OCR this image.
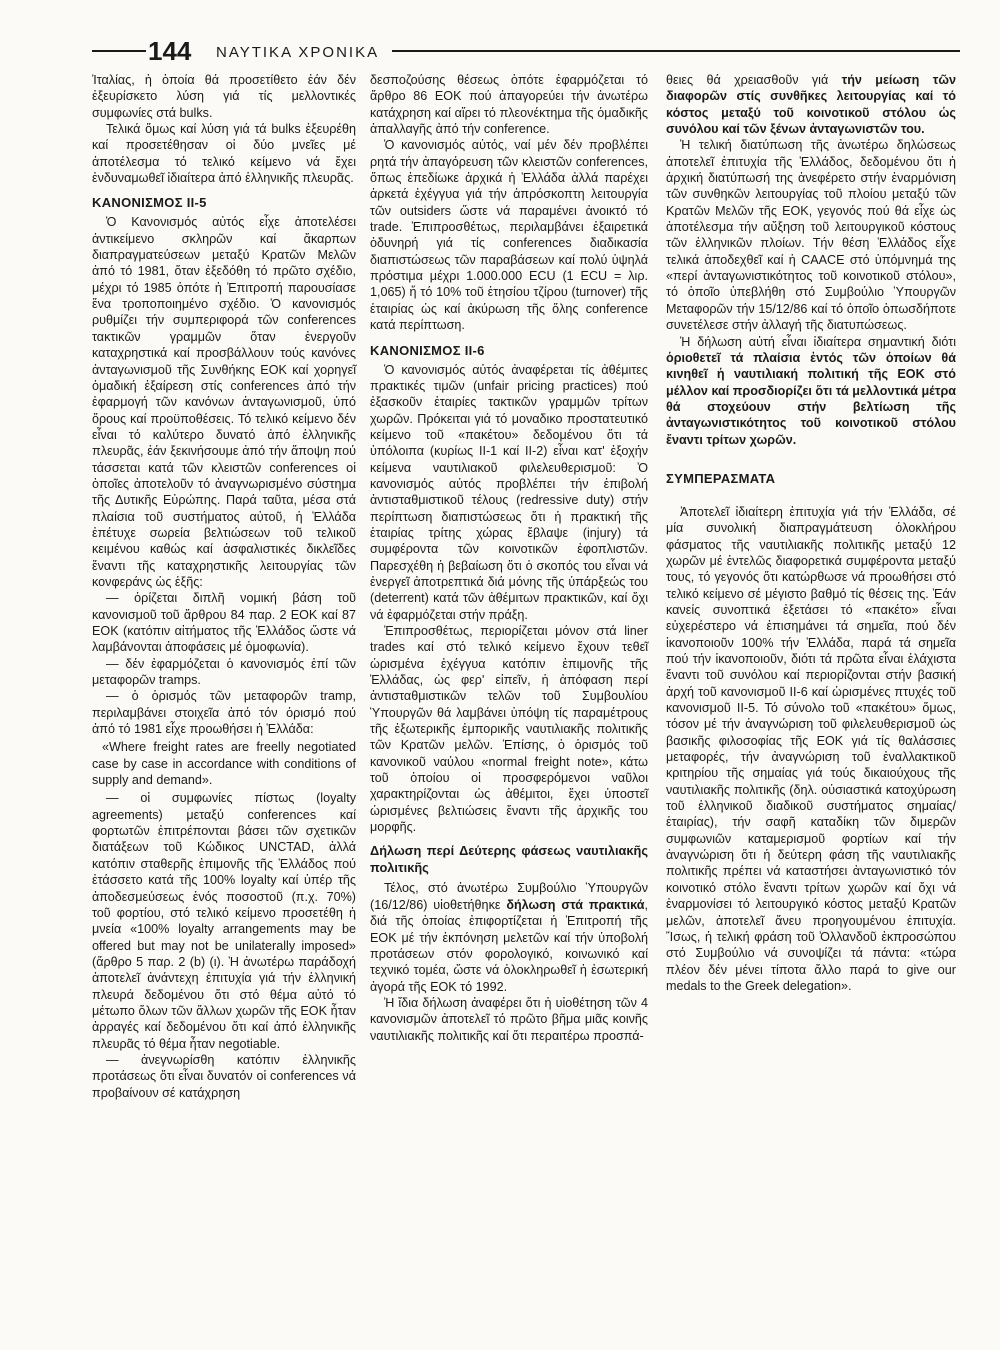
144 ΝΑΥΤΙΚΑ ΧΡΟΝΙΚΑ

Ἰταλίας, ἡ ὁποία θά προσετίθετο ἐάν δέν ἐξευρίσκετο λύση γιά τίς μελλοντικές συμφωνίες στά bulks.

Τελικά ὅμως καί λύση γιά τά bulks ἐξευρέθη καί προσετέθησαν οἱ δύο μνεῖες μέ ἀποτέλεσμα τό τελικό κείμενο νά ἔχει ἐνδυναμωθεῖ ἰδιαίτερα ἀπό ἑλληνικῆς πλευρᾶς.

ΚΑΝΟΝΙΣΜΟΣ ΙΙ-5

Ὁ Κανονισμός αὐτός εἶχε ἀποτελέσει ἀντικείμενο σκληρῶν καί ἄκαρπων διαπραγματεύσεων μεταξύ Κρατῶν Μελῶν ἀπό τό 1981, ὅταν ἐξεδόθη τό πρῶτο σχέδιο, μέχρι τό 1985 ὁπότε ἡ Ἐπιτροπή παρουσίασε ἕνα τροποποιημένο σχέδιο. Ὁ κανονισμός ρυθμίζει τήν συμπεριφορά τῶν conferences τακτικῶν γραμμῶν ὅταν ἐνεργοῦν καταχρηστικά καί προσβάλλουν τούς κανόνες ἀνταγωνισμοῦ τῆς Συνθήκης ΕΟΚ καί χορηγεῖ ὁμαδική ἐξαίρεση στίς conferences ἀπό τήν ἐφαρμογή τῶν κανόνων ἀνταγωνισμοῦ, ὑπό ὅρους καί προϋποθέσεις. Τό τελικό κείμενο δέν εἶναι τό καλύτερο δυνατό ἀπό ἑλληνικῆς πλευρᾶς, ἐάν ξεκινήσουμε ἀπό τήν ἄποψη πού τάσσεται κατά τῶν κλειστῶν conferences οἱ ὁποῖες ἀποτελοῦν τό ἀναγνωρισμένο σύστημα τῆς Δυτικῆς Εὐρώπης. Παρά ταῦτα, μέσα στά πλαίσια τοῦ συστήματος αὐτοῦ, ἡ Ἑλλάδα ἐπέτυχε σωρεία βελτιώσεων τοῦ τελικοῦ κειμένου καθώς καί ἀσφαλιστικές δικλεῖδες ἔναντι τῆς καταχρηστικῆς λειτουργίας τῶν κονφεράνς ὡς ἑξῆς:

— ὁρίζεται διπλῆ νομική βάση τοῦ κανονισμοῦ τοῦ ἄρθρου 84 παρ. 2 ΕΟΚ καί 87 ΕΟΚ (κατόπιν αἰτήματος τῆς Ἑλλάδος ὥστε νά λαμβάνονται ἀποφάσεις μέ ὁμοφωνία).

— δέν ἐφαρμόζεται ὁ κανονισμός ἐπί τῶν μεταφορῶν tramps.

— ὁ ὁρισμός τῶν μεταφορῶν tramp, περιλαμβάνει στοιχεῖα ἀπό τόν ὁρισμό πού ἀπό τό 1981 εἶχε προωθήσει ἡ Ἑλλάδα:

«Where freight rates are freelly negotiated case by case in accordance with conditions of supply and demand».

— οἱ συμφωνίες πίστως (loyalty agreements) μεταξύ conferences καί φορτωτῶν ἐπιτρέπονται βάσει τῶν σχετικῶν διατάξεων τοῦ Κώδικος UNCTAD, ἀλλά κατόπιν σταθερῆς ἐπιμονῆς τῆς Ἑλλάδος πού ἐτάσσετο κατά τῆς 100% loyalty καί ὑπέρ τῆς ἀποδεσμεύσεως ἑνός ποσοστοῦ (π.χ. 70%) τοῦ φορτίου, στό τελικό κείμενο προσετέθη ἡ μνεία «100% loyalty arrangements may be offered but may not be unilaterally imposed» (ἄρθρο 5 παρ. 2 (b) (ι). Ἡ ἀνωτέρω παράδοχή ἀποτελεῖ ἀνάντεχη ἐπιτυχία γιά τήν ἑλληνική πλευρά δεδομένου ὅτι στό θέμα αὐτό τό μέτωπο ὅλων τῶν ἄλλων χωρῶν τῆς ΕΟΚ ἦταν ἀρραγές καί δεδομένου ὅτι καί ἀπό ἑλληνικῆς πλευρᾶς τό θέμα ἦταν negotiable.

— ἀνεγνωρίσθη κατόπιν ἑλληνικῆς προτάσεως ὅτι εἶναι δυνατόν οἱ conferences νά προβαίνουν σέ κατάχρηση

δεσποζούσης θέσεως ὁπότε ἐφαρμόζεται τό ἄρθρο 86 ΕΟΚ πού ἀπαγορεύει τήν ἀνωτέρω κατάχρηση καί αἴρει τό πλεονέκτημα τῆς ὁμαδικῆς ἀπαλλαγῆς ἀπό τήν conference.

Ὁ κανονισμός αὐτός, ναί μέν δέν προβλέπει ρητά τήν ἀπαγόρευση τῶν κλειστῶν conferences, ὅπως ἐπεδίωκε ἀρχικά ἡ Ἑλλάδα ἀλλά παρέχει ἀρκετά ἐχέγγυα γιά τήν ἀπρόσκοπτη λειτουργία τῶν outsiders ὥστε νά παραμένει ἀνοικτό τό trade. Ἐπιπροσθέτως, περιλαμβάνει ἐξαιρετικά ὀδυνηρή γιά τίς conferences διαδικασία διαπιστώσεως τῶν παραβάσεων καί πολύ ὑψηλά πρόστιμα μέχρι 1.000.000 ECU (1 ECU = λιρ. 1,065) ἤ τό 10% τοῦ ἐτησίου τζίρου (turnover) τῆς ἑταιρίας ὡς καί ἀκύρωση τῆς ὅλης conference κατά περίπτωση.

ΚΑΝΟΝΙΣΜΟΣ ΙΙ-6

Ὁ κανονισμός αὐτός ἀναφέρεται τίς ἀθέμιτες πρακτικές τιμῶν (unfair pricing practices) πού ἐξασκοῦν ἑταιρίες τακτικῶν γραμμῶν τρίτων χωρῶν. Πρόκειται γιά τό μοναδικο προστατευτικό κείμενο τοῦ «πακέτου» δεδομένου ὅτι τά ὑπόλοιπα (κυρίως ΙΙ-1 καί ΙΙ-2) εἶναι κατ' ἐξοχήν κείμενα ναυτιλιακοῦ φιλελευθερισμοῦ: Ὁ κανονισμός αὐτός προβλέπει τήν ἐπιβολή ἀντισταθμιστικοῦ τέλους (redressive duty) στήν περίπτωση διαπιστώσεως ὅτι ἡ πρακτική τῆς ἑταιρίας τρίτης χώρας ἔβλαψε (injury) τά συμφέροντα τῶν κοινοτικῶν ἐφοπλιστῶν. Παρεσχέθη ἡ βεβαίωση ὅτι ὁ σκοπός του εἶναι νά ἐνεργεῖ ἀποτρεπτικά διά μόνης τῆς ὑπάρξεώς του (deterrent) κατά τῶν ἀθέμιτων πρακτικῶν, καί ὄχι νά ἐφαρμόζεται στήν πράξη.

Ἐπιπροσθέτως, περιορίζεται μόνον στά liner trades καί στό τελικό κείμενο ἔχουν τεθεῖ ὡρισμένα ἐχέγγυα κατόπιν ἐπιμονῆς τῆς Ἑλλάδας, ὡς φερ' εἰπεῖν, ἡ ἀπόφαση περί ἀντισταθμιστικῶν τελῶν τοῦ Συμβουλίου Ὑπουργῶν θά λαμβάνει ὑπόψη τίς παραμέτρους τῆς ἐξωτερικῆς ἐμπορικῆς ναυτιλιακῆς πολιτικῆς τῶν Κρατῶν μελῶν. Ἐπίσης, ὁ ὁρισμός τοῦ κανονικοῦ ναύλου «normal freight note», κάτω τοῦ ὁποίου οἱ προσφερόμενοι ναῦλοι χαρακτηρίζονται ὡς ἀθέμιτοι, ἔχει ὑποστεῖ ὡρισμένες βελτιώσεις ἔναντι τῆς ἀρχικῆς του μορφῆς.

Δήλωση περί Δεύτερης φάσεως ναυτιλιακῆς πολιτικῆς

Τέλος, στό ἀνωτέρω Συμβούλιο Ὑπουργῶν (16/12/86) υἱοθετήθηκε δήλωση στά πρακτικά, διά τῆς ὁποίας ἐπιφορτίζεται ἡ Ἐπιτροπή τῆς ΕΟΚ μέ τήν ἐκπόνηση μελετῶν καί τήν ὑποβολή προτάσεων στόν φορολογικό, κοινωνικό καί τεχνικό τομέα, ὥστε νά ὁλοκληρωθεῖ ἡ ἐσωτερική ἀγορά τῆς ΕΟΚ τό 1992.

Ἡ ἴδια δήλωση ἀναφέρει ὅτι ἡ υἱοθέτηση τῶν 4 κανονισμῶν ἀποτελεῖ τό πρῶτο βῆμα μιᾶς κοινῆς ναυτιλιακῆς πολιτικῆς καί ὅτι περαιτέρω προσπά-

θειες θά χρειασθοῦν γιά τήν μείωση τῶν διαφορῶν στίς συνθῆκες λειτουργίας καί τό κόστος μεταξύ τοῦ κοινοτικοῦ στόλου ὡς συνόλου καί τῶν ξένων ἀνταγωνιστῶν του.

Ἡ τελική διατύπωση τῆς ἀνωτέρω δηλώσεως ἀποτελεῖ ἐπιτυχία τῆς Ἑλλάδος, δεδομένου ὅτι ἡ ἀρχική διατύπωσή της ἀνεφέρετο στήν ἐναρμόνιση τῶν συνθηκῶν λειτουργίας τοῦ πλοίου μεταξύ τῶν Κρατῶν Μελῶν τῆς ΕΟΚ, γεγονός πού θά εἶχε ὡς ἀποτέλεσμα τήν αὔξηση τοῦ λειτουργικοῦ κόστους τῶν ἑλληνικῶν πλοίων. Τήν θέση Ἑλλάδος εἶχε τελικά ἀποδεχθεῖ καί ἡ CAACE στό ὑπόμνημά της «περί ἀνταγωνιστικότητος τοῦ κοινοτικοῦ στόλου», τό ὁποῖο ὑπεβλήθη στό Συμβούλιο Ὑπουργῶν Μεταφορῶν τήν 15/12/86 καί τό ὁποῖο ὁπωσδήποτε συνετέλεσε στήν ἀλλαγή τῆς διατυπώσεως.

Ἡ δήλωση αὐτή εἶναι ἰδιαίτερα σημαντική διότι ὁριοθετεῖ τά πλαίσια ἐντός τῶν ὁποίων θά κινηθεῖ ἡ ναυτιλιακή πολιτική τῆς ΕΟΚ στό μέλλον καί προσδιορίζει ὅτι τά μελλοντικά μέτρα θά στοχεύουν στήν βελτίωση τῆς ἀνταγωνιστικότητος τοῦ κοινοτικοῦ στόλου ἔναντι τρίτων χωρῶν.

ΣΥΜΠΕΡΑΣΜΑΤΑ

Ἀποτελεῖ ἰδιαίτερη ἐπιτυχία γιά τήν Ἑλλάδα, σέ μία συνολική διαπραγμάτευση ὁλοκλήρου φάσματος τῆς ναυτιλιακῆς πολιτικῆς μεταξύ 12 χωρῶν μέ ἐντελῶς διαφορετικά συμφέροντα μεταξύ τους, τό γεγονός ὅτι κατώρθωσε νά προωθήσει στό τελικό κείμενο σέ μέγιστο βαθμό τίς θέσεις της. Ἐάν κανείς συνοπτικά ἐξετάσει τό «πακέτο» εἶναι εὐχερέστερο νά ἐπισημάνει τά σημεῖα, πού δέν ἱκανοποιοῦν 100% τήν Ἑλλάδα, παρά τά σημεῖα πού τήν ἱκανοποιοῦν, διότι τά πρῶτα εἶναι ἐλάχιστα ἔναντι τοῦ συνόλου καί περιορίζονται στήν βασική ἀρχή τοῦ κανονισμοῦ ΙΙ-6 καί ὡρισμένες πτυχές τοῦ κανονισμοῦ ΙΙ-5. Τό σύνολο τοῦ «πακέτου» ὅμως, τόσον μέ τήν ἀναγνώριση τοῦ φιλελευθερισμοῦ ὡς βασικῆς φιλοσοφίας τῆς ΕΟΚ γιά τίς θαλάσσιες μεταφορές, τήν ἀναγνώριση τοῦ ἐναλλακτικοῦ κριτηρίου τῆς σημαίας γιά τούς δικαιούχους τῆς ναυτιλιακῆς πολιτικῆς (δηλ. οὐσιαστικά κατοχύρωση τοῦ ἑλληνικοῦ διαδικοῦ συστήματος σημαίας/ἑταιρίας), τήν σαφῆ καταδίκη τῶν διμερῶν συμφωνιῶν καταμερισμοῦ φορτίων καί τήν ἀναγνώριση ὅτι ἡ δεύτερη φάση τῆς ναυτιλιακῆς πολιτικῆς πρέπει νά καταστήσει ἀνταγωνιστικό τόν κοινοτικό στόλο ἔναντι τρίτων χωρῶν καί ὄχι νά ἐναρμονίσει τό λειτουργικό κόστος μεταξύ Κρατῶν μελῶν, ἀποτελεῖ ἄνευ προηγουμένου ἐπιτυχία. Ἴσως, ἡ τελική φράση τοῦ Ὀλλανδοῦ ἐκπροσώπου στό Συμβούλιο νά συνοψίζει τά πάντα: «τώρα πλέον δέν μένει τίποτα ἄλλο παρά to give our medals to the Greek delegation».
